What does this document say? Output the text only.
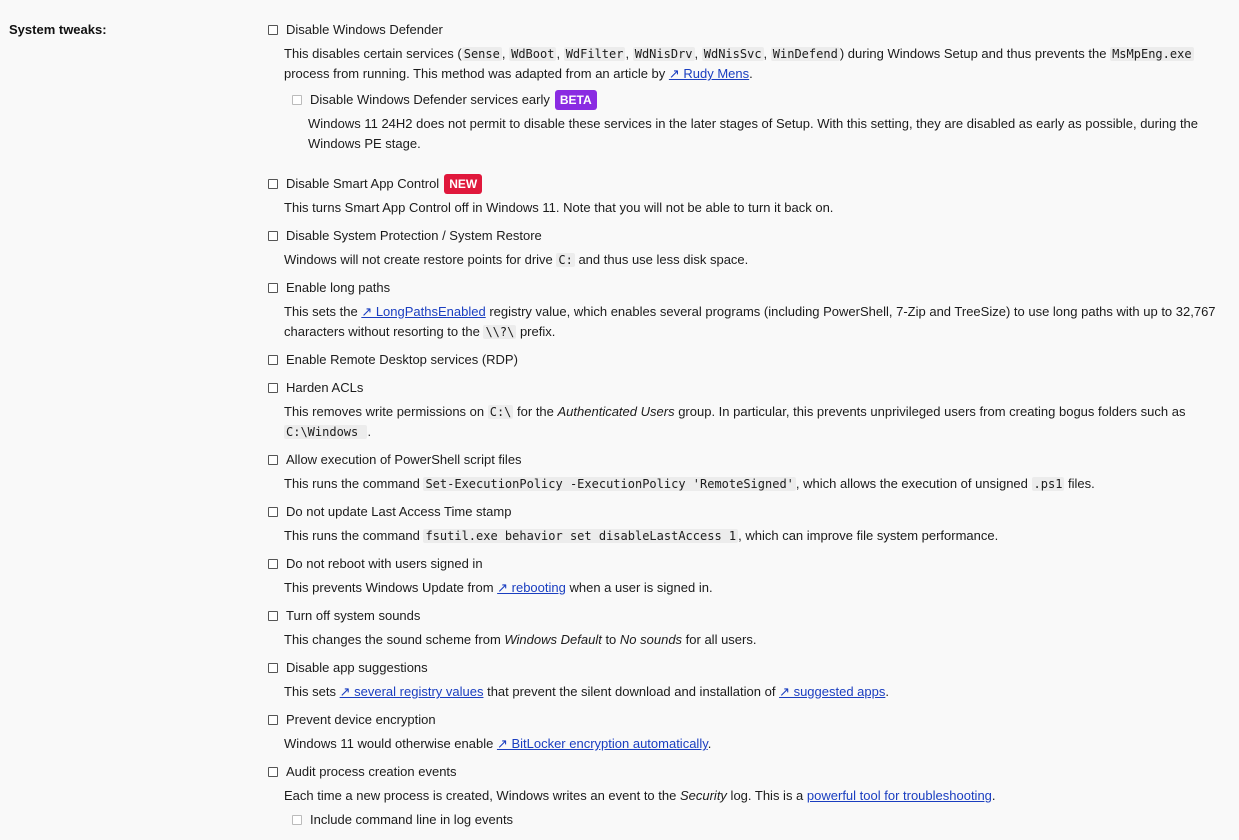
System tweaks:	Disable Windows Defender
This disables certain services ( Sense , WdBoot , WdFilter , WdNisDrv , WdNisSvc , WinDefend ) during Windows Setup and thus prevents the MsMpEng.exe process from running. This method was adapted from an article by ↗ Rudy Mens.
Disable Windows Defender services early BETA
Windows 11 24H2 does not permit to disable these services in the later stages of Setup. With this setting, they are disabled as early as possible, during the Windows PE stage.
Disable Smart App Control NEW
This turns Smart App Control off in Windows 11. Note that you will not be able to turn it back on.
Disable System Protection / System Restore
Windows will not create restore points for drive C: and thus use less disk space.
Enable long paths
This sets the ↗ LongPathsEnabled registry value, which enables several programs (including PowerShell, 7-Zip and TreeSize) to use long paths with up to 32,767 characters without resorting to the \\?\ prefix.
Enable Remote Desktop services (RDP)
Harden ACLs
This removes write permissions on C:\ for the Authenticated Users group. In particular, this prevents unprivileged users from creating bogus folders such as C:\Windows .
Allow execution of PowerShell script files
This runs the command Set-ExecutionPolicy -ExecutionPolicy 'RemoteSigned' , which allows the execution of unsigned .ps1 files.
Do not update Last Access Time stamp
This runs the command fsutil.exe behavior set disableLastAccess 1 , which can improve file system performance.
Do not reboot with users signed in
This prevents Windows Update from ↗ rebooting when a user is signed in.
Turn off system sounds
This changes the sound scheme from Windows Default to No sounds for all users.
Disable app suggestions
This sets ↗ several registry values that prevent the silent download and installation of ↗ suggested apps.
Prevent device encryption
Windows 11 would otherwise enable ↗ BitLocker encryption automatically.
Audit process creation events
Each time a new process is created, Windows writes an event to the Security log. This is a powerful tool for troubleshooting.
Include command line in log events
